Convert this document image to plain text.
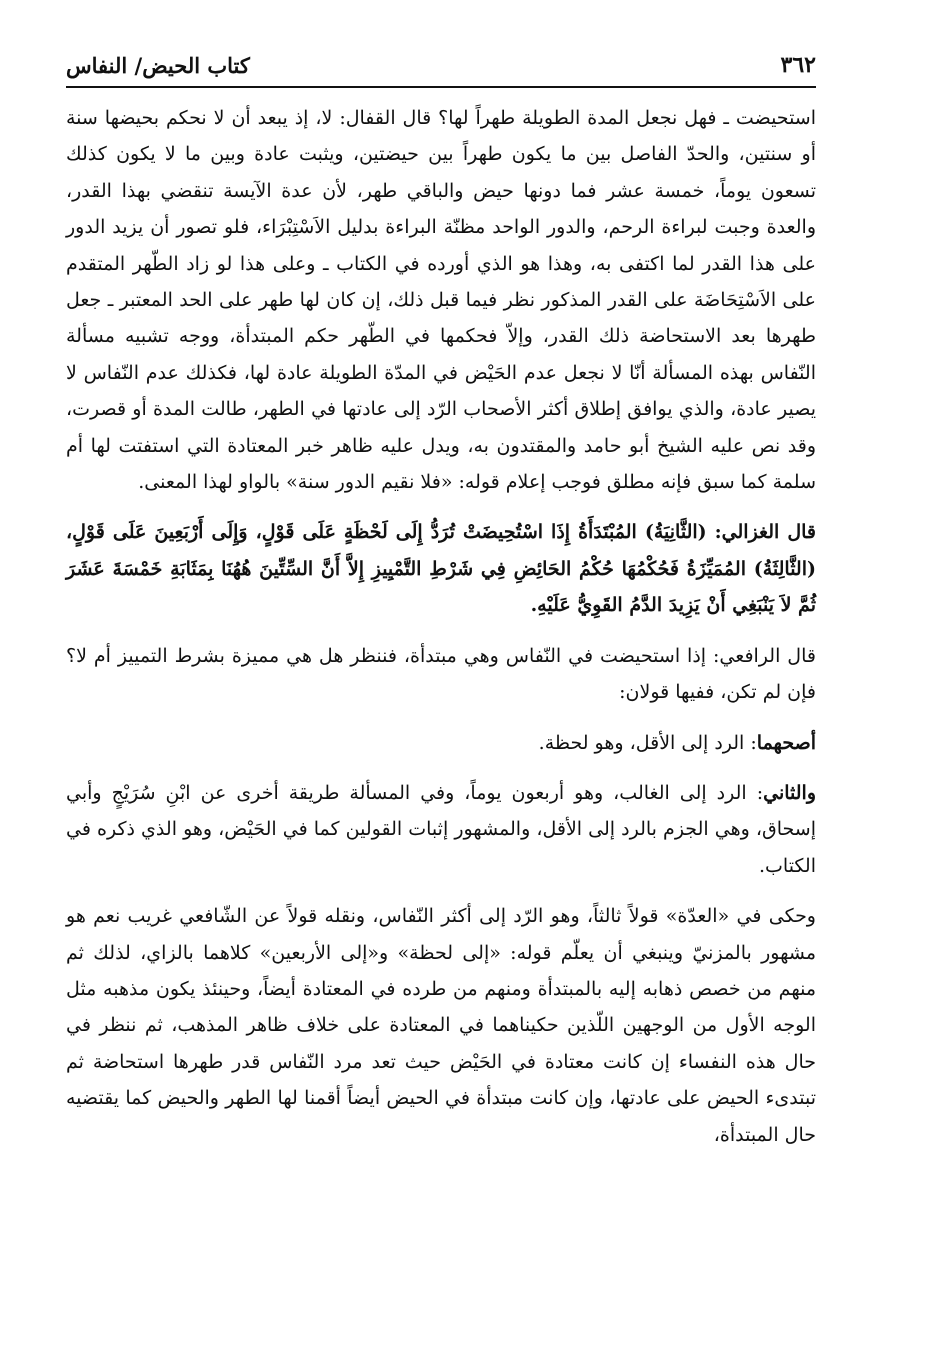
٣٦٢
كتاب الحيض/ النفاس

استحيضت ـ فهل نجعل المدة الطويلة طهراً لها؟ قال القفال: لا، إذ يبعد أن لا نحكم بحيضها سنة أو سنتين، والحدّ الفاصل بين ما يكون طهراً بين حيضتين، ويثبت عادة وبين ما لا يكون كذلك تسعون يوماً، خمسة عشر فما دونها حيض والباقي طهر، لأن عدة الآيسة تنقضي بهذا القدر، والعدة وجبت لبراءة الرحم، والدور الواحد مظنّة البراءة بدليل الاَسْتِبْرَاء، فلو تصور أن يزيد الدور على هذا القدر لما اكتفى به، وهذا هو الذي أورده في الكتاب ـ وعلى هذا لو زاد الطّهر المتقدم على الاَسْتِحَاضَة على القدر المذكور نظر فيما قبل ذلك، إن كان لها طهر على الحد المعتبر ـ جعل طهرها بعد الاستحاضة ذلك القدر، وإلاّ فحكمها في الطّهر حكم المبتدأة، ووجه تشبيه مسألة النّفاس بهذه المسألة أنّا لا نجعل عدم الحَيْض في المدّة الطويلة عادة لها، فكذلك عدم النّفاس لا يصير عادة، والذي يوافق إطلاق أكثر الأصحاب الرّد إلى عادتها في الطهر، طالت المدة أو قصرت، وقد نص عليه الشيخ أبو حامد والمقتدون به، ويدل عليه ظاهر خبر المعتادة التي استفتت لها أم سلمة كما سبق فإنه مطلق فوجب إعلام قوله: «فلا نقيم الدور سنة» بالواو لهذا المعنى.

قال الغزالي: (الثَّانِيَةُ) المُبْتَدَأَةُ إِذَا اسْتُحِيضَتْ تُرَدُّ إِلَى لَحْظَةٍ عَلَى قَوْلٍ، وَإِلَى أَرْبَعِينَ عَلَى قَوْلٍ، (الثَّالِثَةُ) المُمَيِّزَةُ فَحُكْمُهَا حُكْمُ الحَائِضِ فِي شَرْطِ التَّمْيِيزِ إِلاَّ أَنَّ السِّتِّينَ هُهُنَا بِمَثَابَةِ خَمْسَةَ عَشَرَ ثُمَّ لاَ يَنْبَغِي أَنْ يَزِيدَ الدَّمُ القَوِيُّ عَلَيْهِ.

قال الرافعي: إذا استحيضت في النّفاس وهي مبتدأة، فننظر هل هي مميزة بشرط التمييز أم لا؟ فإن لم تكن، ففيها قولان:

أصحهما: الرد إلى الأقل، وهو لحظة.

والثاني: الرد إلى الغالب، وهو أربعون يوماً، وفي المسألة طريقة أخرى عن ابْنِ سُرَيْجٍ وأبي إسحاق، وهي الجزم بالرد إلى الأقل، والمشهور إثبات القولين كما في الحَيْض، وهو الذي ذكره في الكتاب.

وحكى في «العدّة» قولاً ثالثاً، وهو الرّد إلى أكثر النّفاس، ونقله قولاً عن الشّافعي غريب نعم هو مشهور بالمزنيّ وينبغي أن يعلّم قوله: «إلى لحظة» و«إلى الأربعين» كلاهما بالزاي، لذلك ثم منهم من خصص ذهابه إليه بالمبتدأة ومنهم من طرده في المعتادة أيضاً، وحينئذ يكون مذهبه مثل الوجه الأول من الوجهين اللّذين حكيناهما في المعتادة على خلاف ظاهر المذهب، ثم ننظر في حال هذه النفساء إن كانت معتادة في الحَيْض حيث تعد مرد النّفاس قدر طهرها استحاضة ثم تبتدىء الحيض على عادتها، وإن كانت مبتدأة في الحيض أيضاً أقمنا لها الطهر والحيض كما يقتضيه حال المبتدأة،
